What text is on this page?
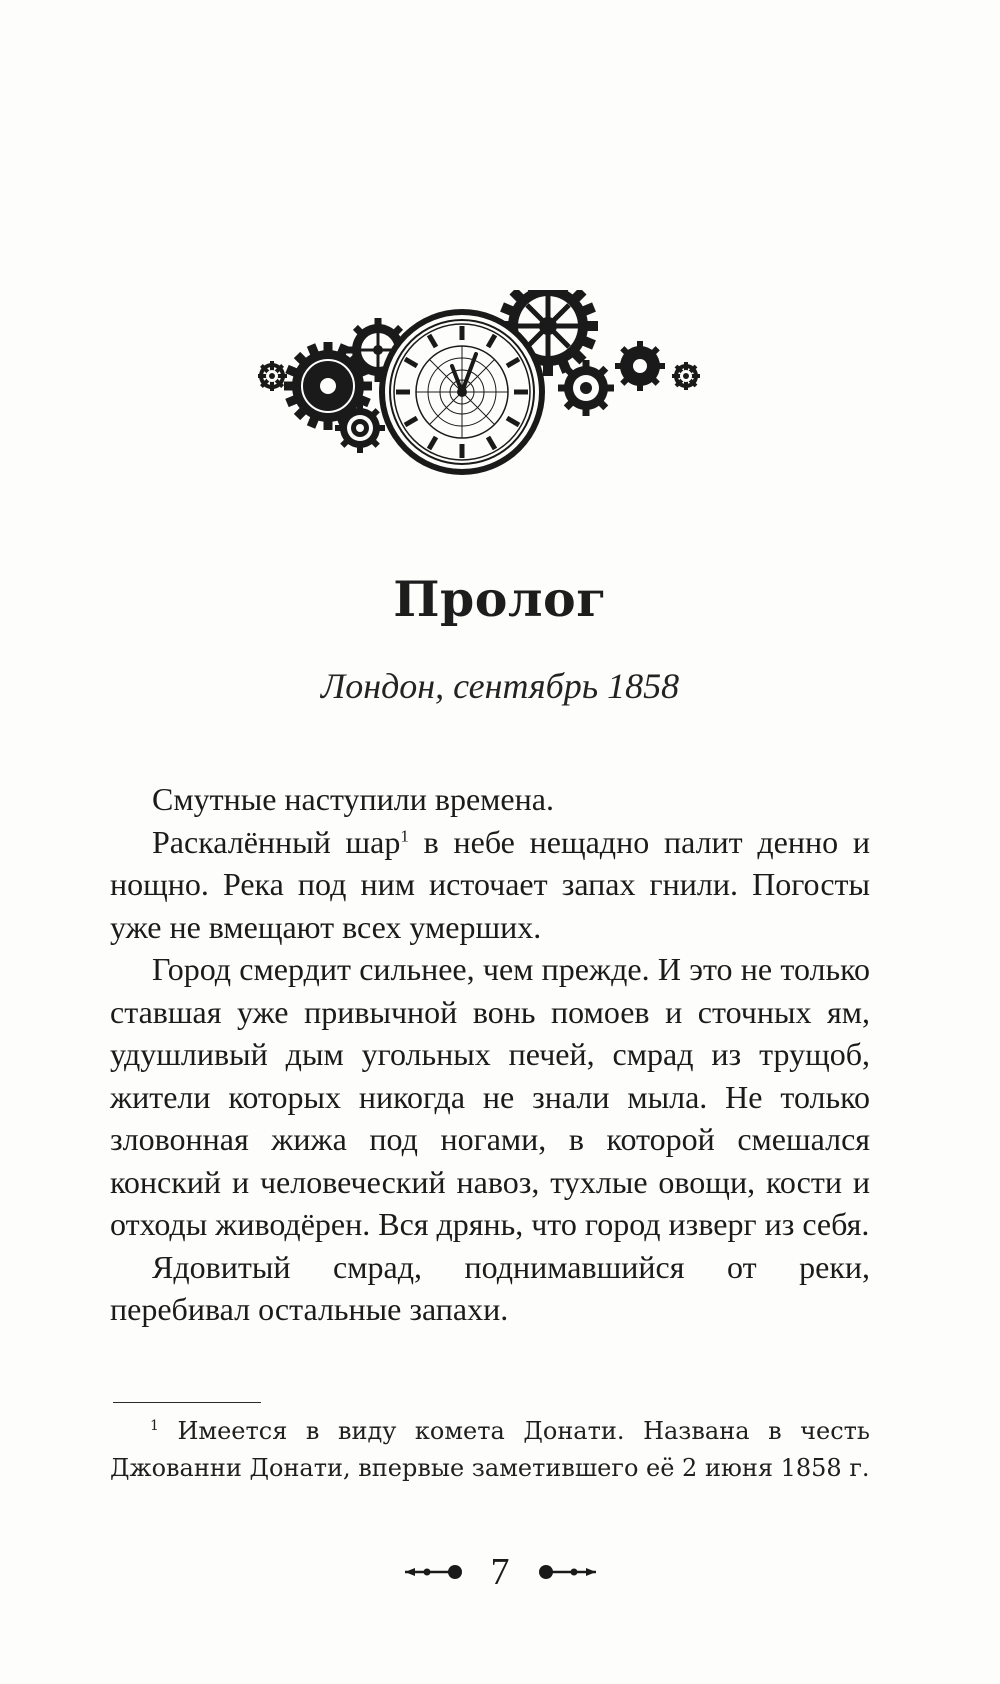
Пролог
Лондон, сентябрь 1858

Смутные наступили времена.

Раскалённый шар$^1$ в небе нещадно палит денно и нощно. Река под ним источает запах гнили. Погосты уже не вмещают всех умерших.

Город смердит сильнее, чем прежде. И это не только ставшая уже привычной вонь помоев и сточных ям, удушливый дым угольных печей, смрад из трущоб, жители которых никогда не знали мыла. Не только зловонная жижа под ногами, в которой смешался конский и человеческий навоз, тухлые овощи, кости и отходы живодёрен. Вся дрянь, что город изверг из себя.

Ядовитый смрад, поднимавшийся от реки, перебивал остальные запахи.

$^1$ Имеется в виду комета Донати. Названа в честь Джованни Донати, впервые заметившего её 2 июня 1858 г.
7
